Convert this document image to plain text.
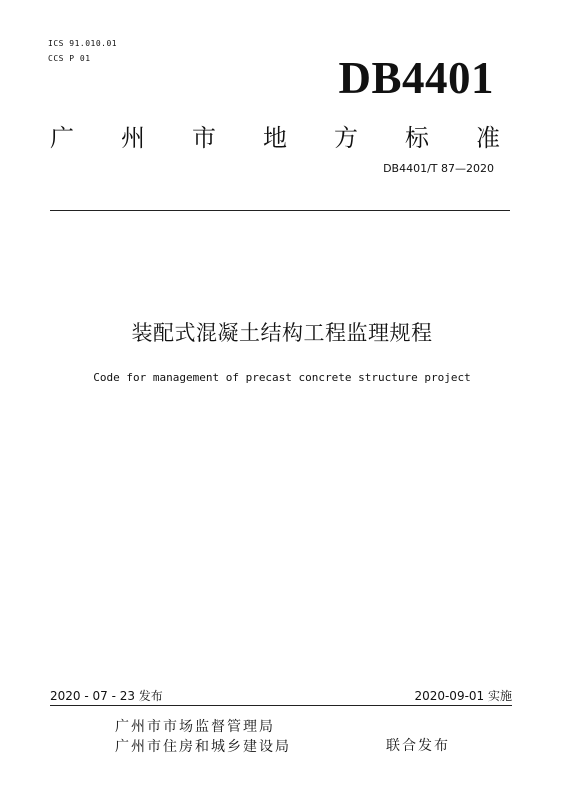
ICS 91.010.01
CCS P 01	DB4401
广 州 市 地 方 标 准
DB4401/T 87—2020
装配式混凝土结构工程监理规程
Code for management of precast concrete structure project
2020 - 07 - 23 发布	2020-09-01 实施
广州市市场监督管理局
广州市住房和城乡建设局	联合发布
